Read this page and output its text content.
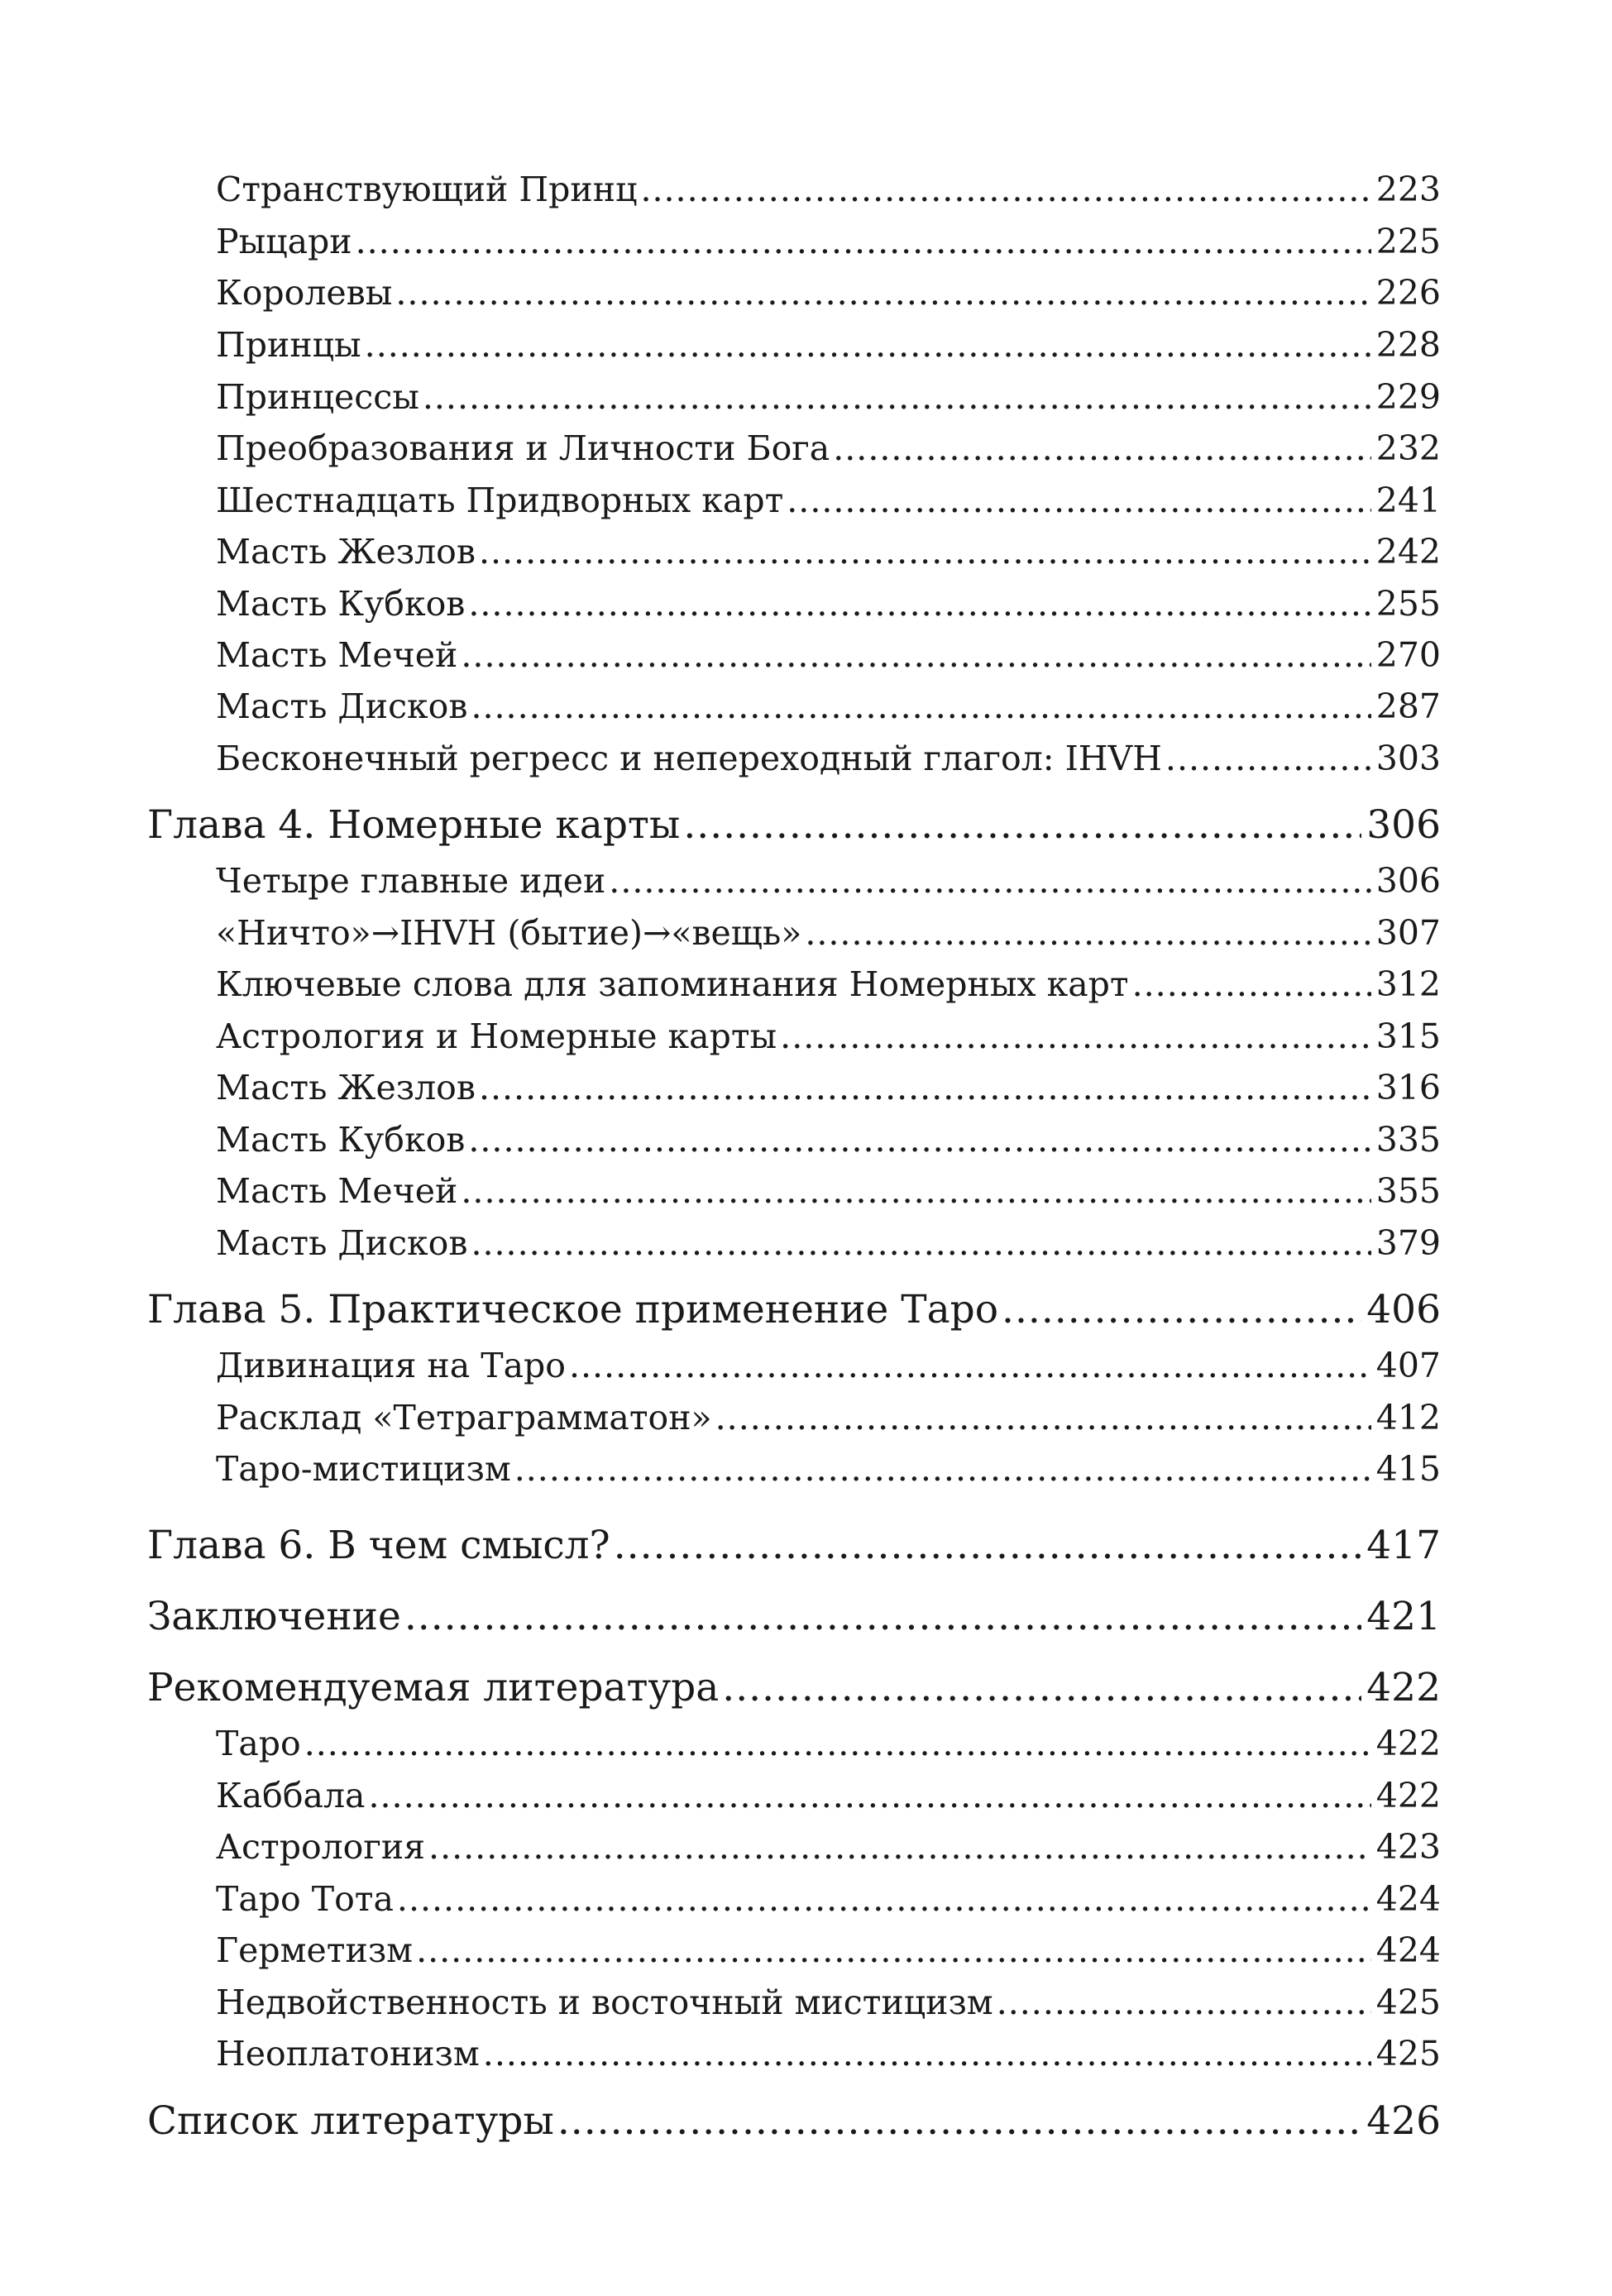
Странствующий Принц .....	223
Рыцари .....	225
Королевы .....	226
Принцы .....	228
Принцессы .....	229
Преобразования и Личности Бога .....	232
Шестнадцать Придворных карт .....	241
Масть Жезлов .....	242
Масть Кубков .....	255
Масть Мечей .....	270
Масть Дисков .....	287
Бесконечный регресс и непереходный глагол: IHVH .....	303
Глава 4. Номерные карты .....	306
Четыре главные идеи .....	306
«Ничто»→IHVH (бытие)→«вещь» .....	307
Ключевые слова для запоминания Номерных карт .....	312
Астрология и Номерные карты .....	315
Масть Жезлов .....	316
Масть Кубков .....	335
Масть Мечей .....	355
Масть Дисков .....	379
Глава 5. Практическое применение Таро .....	406
Дивинация на Таро .....	407
Расклад «Тетраграмматон» .....	412
Таро-мистицизм .....	415
Глава 6. В чем смысл? .....	417
Заключение .....	421
Рекомендуемая литература .....	422
Таро .....	422
Каббала .....	422
Астрология .....	423
Таро Тота .....	424
Герметизм .....	424
Недвойственность и восточный мистицизм .....	425
Неоплатонизм .....	425
Список литературы .....	426
